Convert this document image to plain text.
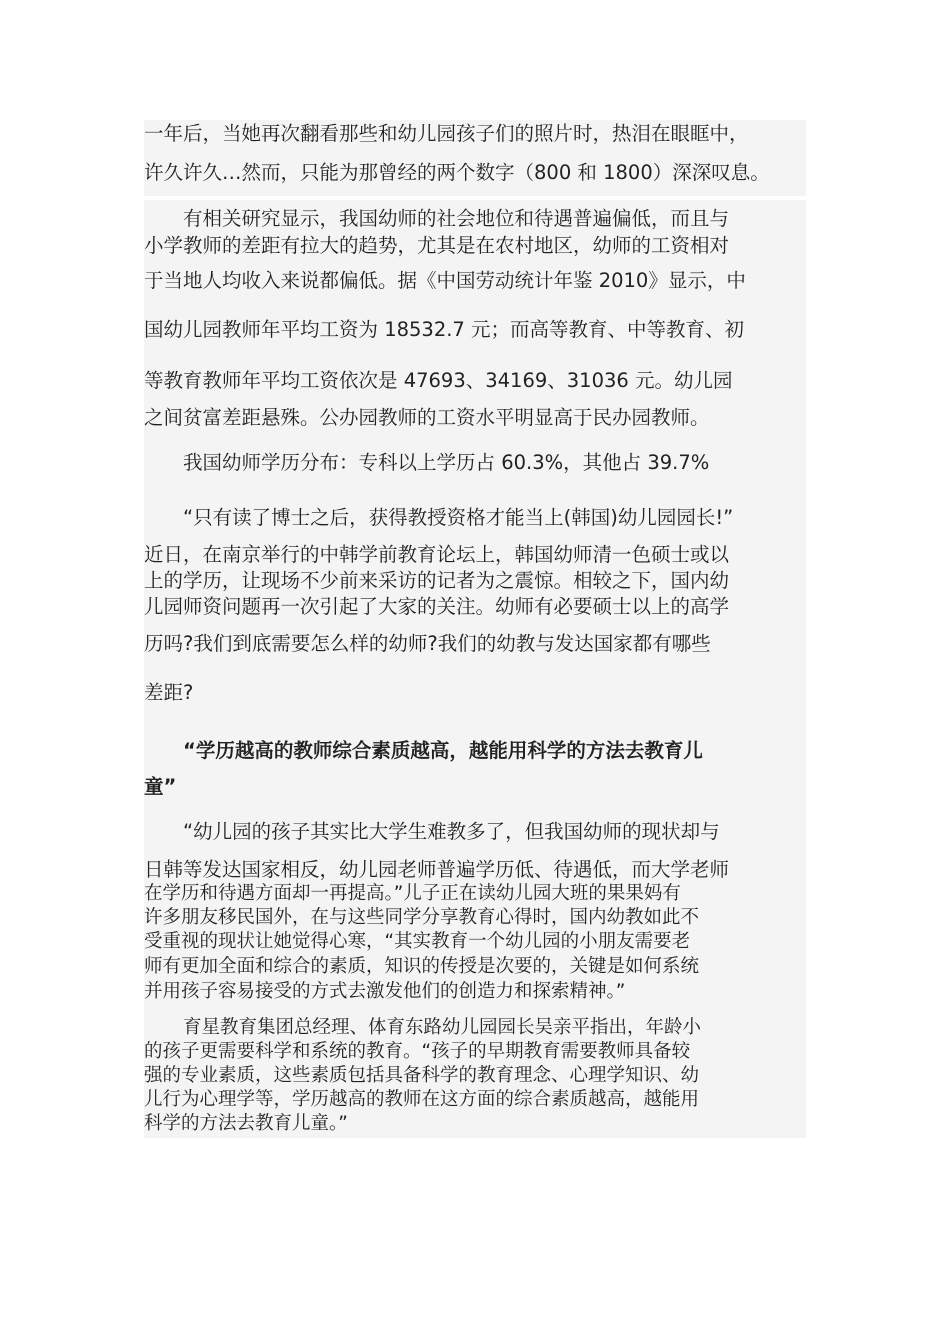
一年后，当她再次翻看那些和幼儿园孩子们的照片时，热泪在眼眶中，

许久许久…然而，只能为那曾经的两个数字（800 和 1800）深深叹息。

有相关研究显示，我国幼师的社会地位和待遇普遍偏低，而且与

小学教师的差距有拉大的趋势，尤其是在农村地区，幼师的工资相对

于当地人均收入来说都偏低。据《中国劳动统计年鉴 2010》显示，中

国幼儿园教师年平均工资为 18532.7 元；而高等教育、中等教育、初

等教育教师年平均工资依次是 47693、34169、31036 元。幼儿园

之间贫富差距悬殊。公办园教师的工资水平明显高于民办园教师。

我国幼师学历分布：专科以上学历占 60.3%，其他占 39.7%

“只有读了博士之后，获得教授资格才能当上(韩国)幼儿园园长!”

近日，在南京举行的中韩学前教育论坛上，韩国幼师清一色硕士或以

上的学历，让现场不少前来采访的记者为之震惊。相较之下，国内幼

儿园师资问题再一次引起了大家的关注。幼师有必要硕士以上的高学

历吗?我们到底需要怎么样的幼师?我们的幼教与发达国家都有哪些

差距?

“学历越高的教师综合素质越高，越能用科学的方法去教育儿

童”

“幼儿园的孩子其实比大学生难教多了，但我国幼师的现状却与

日韩等发达国家相反，幼儿园老师普遍学历低、待遇低，而大学老师

在学历和待遇方面却一再提高。”儿子正在读幼儿园大班的果果妈有

许多朋友移民国外，在与这些同学分享教育心得时，国内幼教如此不

受重视的现状让她觉得心寒，“其实教育一个幼儿园的小朋友需要老

师有更加全面和综合的素质，知识的传授是次要的，关键是如何系统

并用孩子容易接受的方式去激发他们的创造力和探索精神。”

育星教育集团总经理、体育东路幼儿园园长吴亲平指出，年龄小

的孩子更需要科学和系统的教育。“孩子的早期教育需要教师具备较

强的专业素质，这些素质包括具备科学的教育理念、心理学知识、幼

儿行为心理学等，学历越高的教师在这方面的综合素质越高，越能用

科学的方法去教育儿童。”
